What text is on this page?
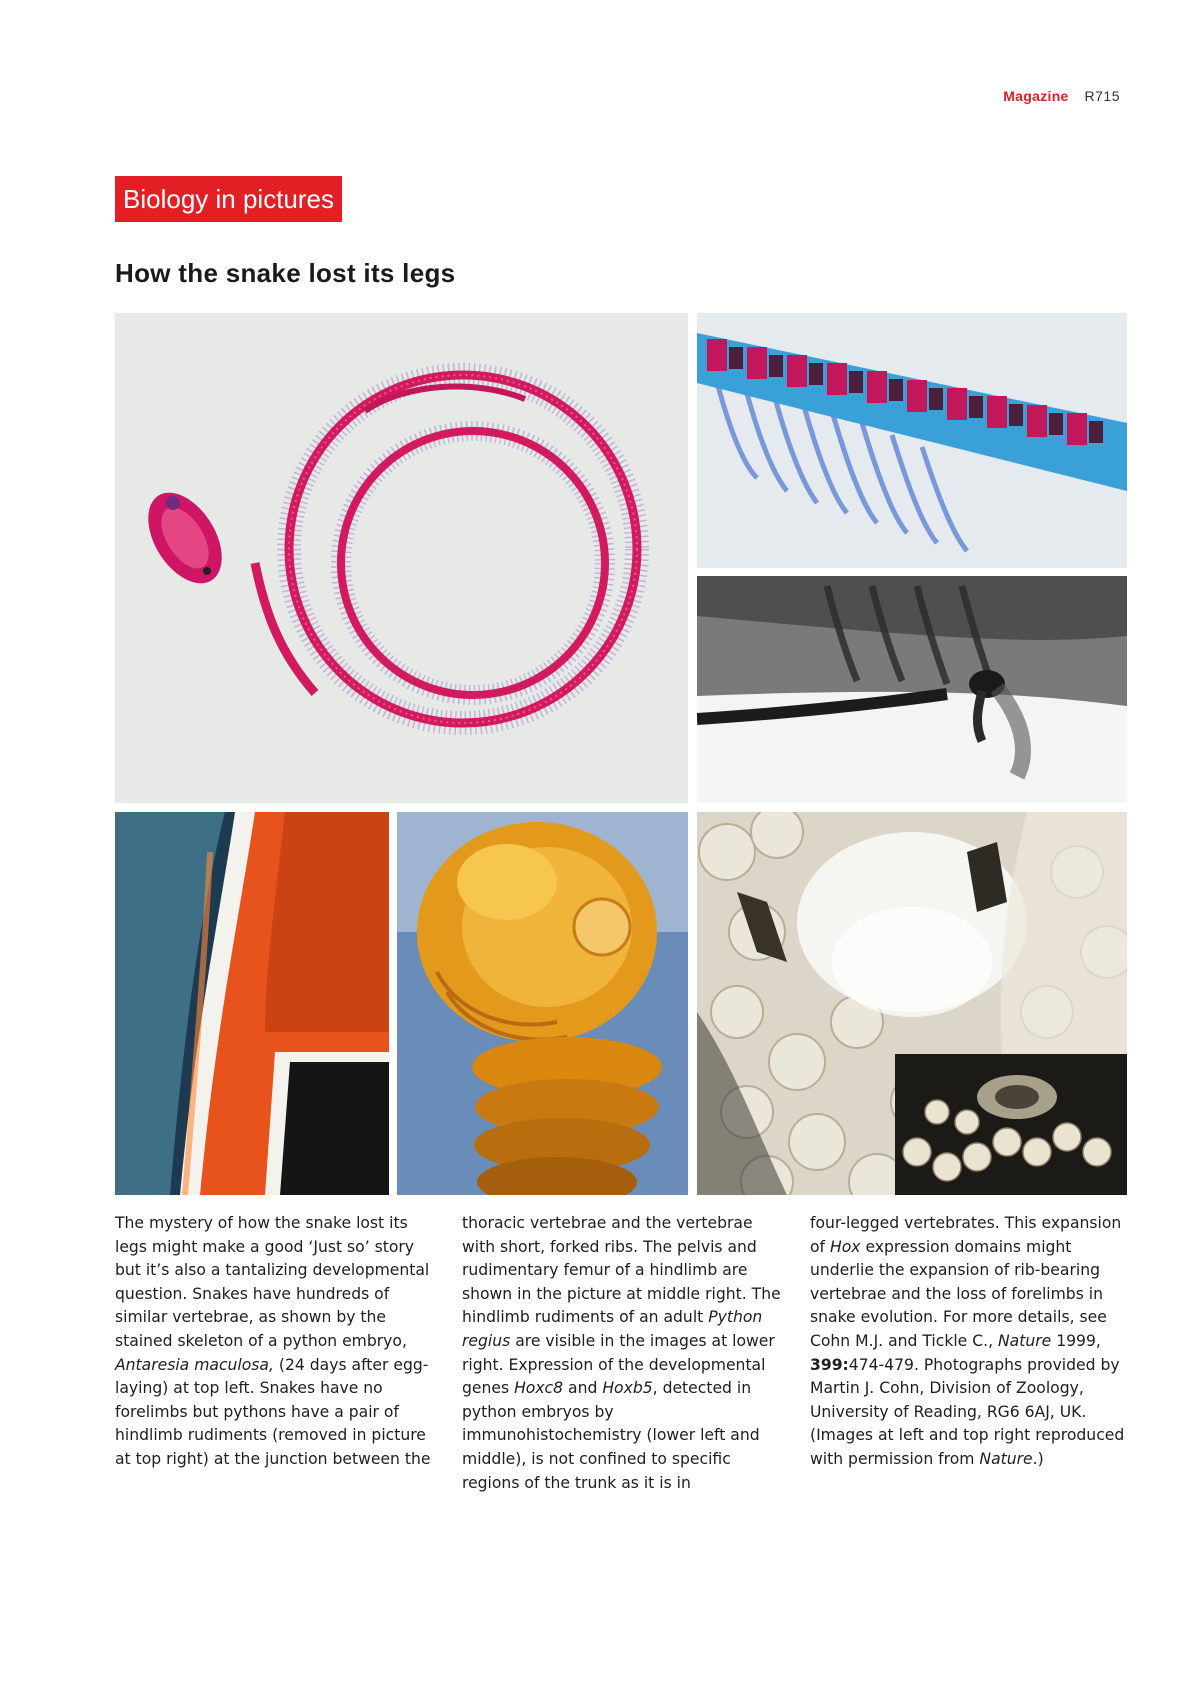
Magazine R715
Biology in pictures
How the snake lost its legs

The mystery of how the snake lost its legs might make a good ‘Just so’ story but it’s also a tantalizing developmental question. Snakes have hundreds of similar vertebrae, as shown by the stained skeleton of a python embryo, Antaresia maculosa, (24 days after egg-laying) at top left. Snakes have no forelimbs but pythons have a pair of hindlimb rudiments (removed in picture at top right) at the junction between the

thoracic vertebrae and the vertebrae with short, forked ribs. The pelvis and rudimentary femur of a hindlimb are shown in the picture at middle right. The hindlimb rudiments of an adult Python regius are visible in the images at lower right. Expression of the developmental genes Hoxc8 and Hoxb5, detected in python embryos by immunohistochemistry (lower left and middle), is not confined to specific regions of the trunk as it is in

four-legged vertebrates. This expansion of Hox expression domains might underlie the expansion of rib-bearing vertebrae and the loss of forelimbs in snake evolution. For more details, see Cohn M.J. and Tickle C., Nature 1999, 399:474-479. Photographs provided by Martin J. Cohn, Division of Zoology, University of Reading, RG6 6AJ, UK. (Images at left and top right reproduced with permission from Nature.)
